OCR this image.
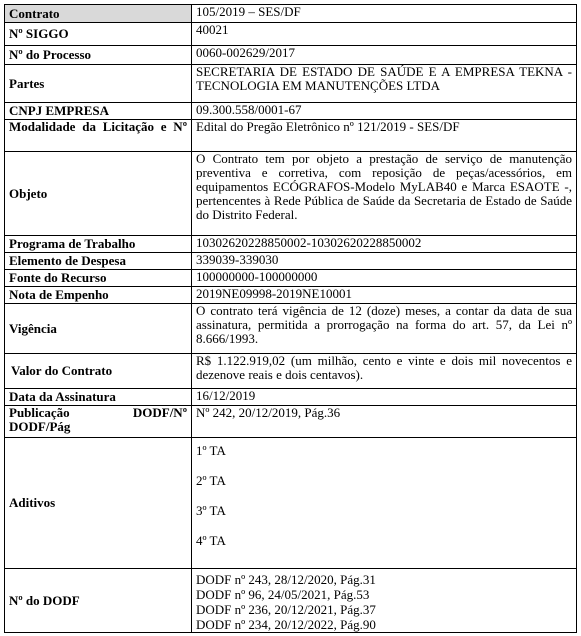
Contrato	105/2019 – SES/DF
Nº SIGGO	40021
Nº do Processo	0060-002629/2017
Partes	SECRETARIA DE ESTADO DE SAÚDE E A EMPRESA TEKNA - TECNOLOGIA EM MANUTENÇÕES LTDA
CNPJ EMPRESA	09.300.558/0001-67

Modalidade da Licitação e Nº	Edital do Pregão Eletrônico nº 121/2019 - SES/DF
Objeto	O Contrato tem por objeto a prestação de serviço de manutenção preventiva e corretiva, com reposição de peças/acessórios, em equipamentos ECÓGRAFOS-Modelo MyLAB40 e Marca ESAOTE -, pertencentes à Rede Pública de Saúde da Secretaria de Estado de Saúde do Distrito Federal.
Programa de Trabalho	10302620228850002-10302620228850002
Elemento de Despesa	339039-339030
Fonte do Recurso	100000000-100000000
Nota de Empenho	2019NE09998-2019NE10001
Vigência	O contrato terá vigência de 12 (doze) meses, a contar da data de sua assinatura, permitida a prorrogação na forma do art. 57, da Lei nº 8.666/1993.
Valor do Contrato	R$ 1.122.919,02 (um milhão, cento e vinte e dois mil novecentos e dezenove reais e dois centavos).
Data da Assinatura	16/12/2019

Publicação DODF/Nº
DODF/Pág	Nº 242, 20/12/2019, Pág.36
Aditivos	1º TA
2º TA
3º TA
4º TA

Nº do DODF	DODF nº 243, 28/12/2020, Pág.31
DODF nº 96, 24/05/2021, Pág.53
DODF nº 236, 20/12/2021, Pág.37
DODF nº 234, 20/12/2022, Pág.90
